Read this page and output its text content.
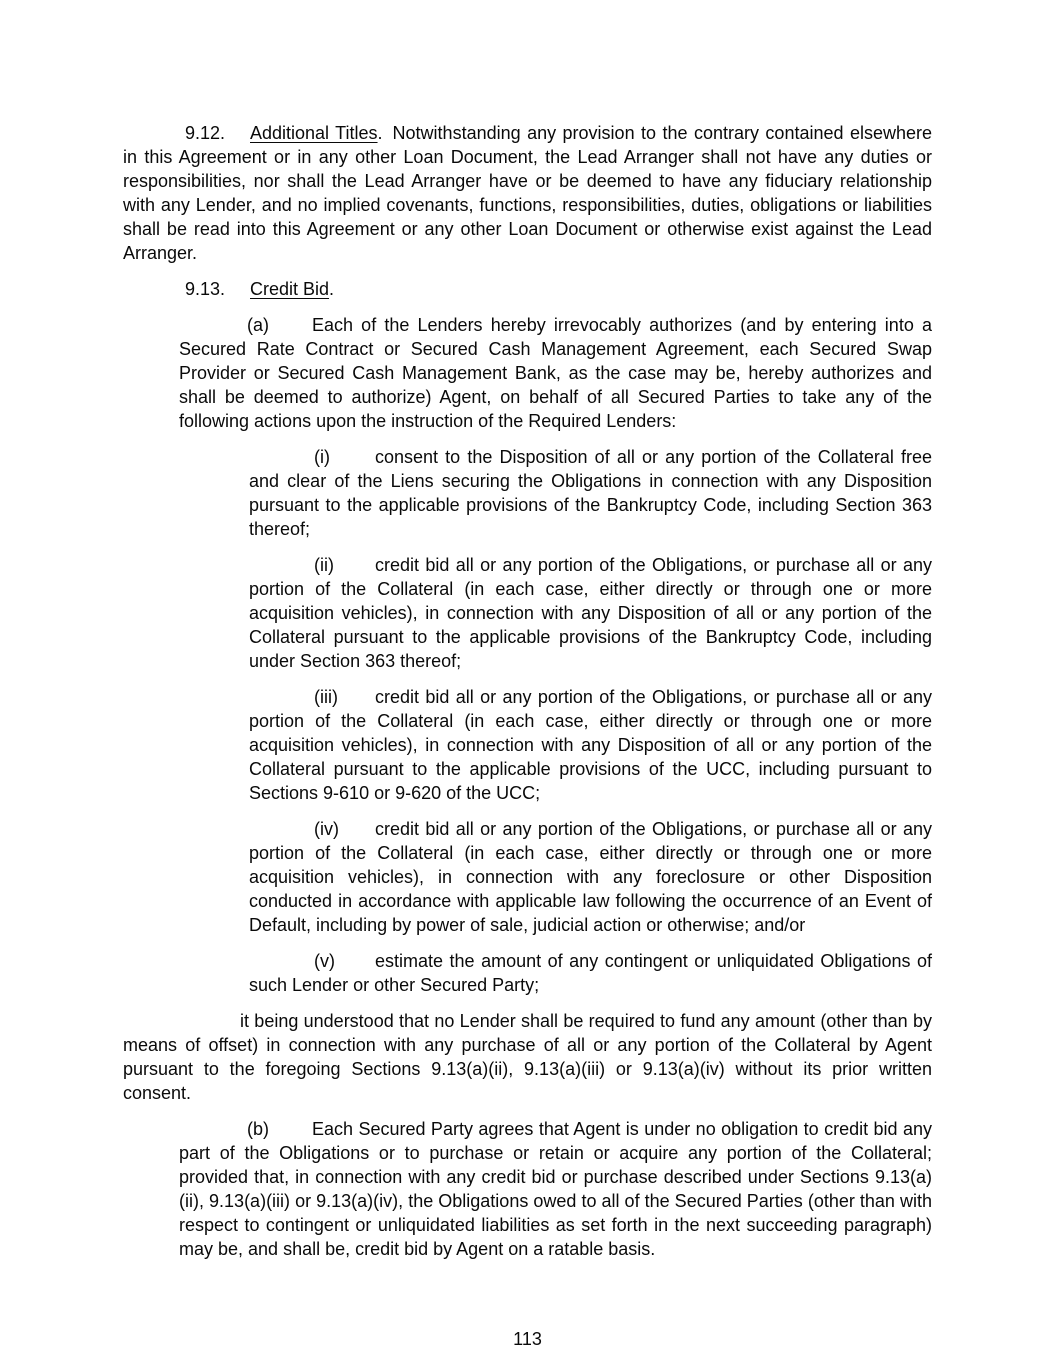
9.12. Additional Titles. Notwithstanding any provision to the contrary contained elsewhere in this Agreement or in any other Loan Document, the Lead Arranger shall not have any duties or responsibilities, nor shall the Lead Arranger have or be deemed to have any fiduciary relationship with any Lender, and no implied covenants, functions, responsibilities, duties, obligations or liabilities shall be read into this Agreement or any other Loan Document or otherwise exist against the Lead Arranger.

9.13. Credit Bid.

(a) Each of the Lenders hereby irrevocably authorizes (and by entering into a Secured Rate Contract or Secured Cash Management Agreement, each Secured Swap Provider or Secured Cash Management Bank, as the case may be, hereby authorizes and shall be deemed to authorize) Agent, on behalf of all Secured Parties to take any of the following actions upon the instruction of the Required Lenders:

(i)	consent to the Disposition of all or any portion of the Collateral free and clear of the Liens securing the Obligations in connection with any Disposition pursuant to the applicable provisions of the Bankruptcy Code, including Section 363 thereof;

(ii) credit bid all or any portion of the Obligations, or purchase all or any portion of the Collateral (in each case, either directly or through one or more acquisition vehicles), in connection with any Disposition of all or any portion of the Collateral pursuant to the applicable provisions of the Bankruptcy Code, including under Section 363 thereof;

(iii) credit bid all or any portion of the Obligations, or purchase all or any portion of the Collateral (in each case, either directly or through one or more acquisition vehicles), in connection with any Disposition of all or any portion of the Collateral pursuant to the applicable provisions of the UCC, including pursuant to Sections 9-610 or 9-620 of the UCC;

(iv) credit bid all or any portion of the Obligations, or purchase all or any portion of the Collateral (in each case, either directly or through one or more acquisition vehicles), in connection with any foreclosure or other Disposition conducted in accordance with applicable law following the occurrence of an Event of Default, including by power of sale, judicial action or otherwise; and/or

(v) estimate the amount of any contingent or unliquidated Obligations of such Lender or other Secured Party;

it being understood that no Lender shall be required to fund any amount (other than by means of offset) in connection with any purchase of all or any portion of the Collateral by Agent pursuant to the foregoing Sections 9.13(a)(ii), 9.13(a)(iii) or 9.13(a)(iv) without its prior written consent.

(b) Each Secured Party agrees that Agent is under no obligation to credit bid any part of the Obligations or to purchase or retain or acquire any portion of the Collateral; provided that, in connection with any credit bid or purchase described under Sections 9.13(a)(ii), 9.13(a)(iii) or 9.13(a)(iv), the Obligations owed to all of the Secured Parties (other than with respect to contingent or unliquidated liabilities as set forth in the next succeeding paragraph) may be, and shall be, credit bid by Agent on a ratable basis.

113
